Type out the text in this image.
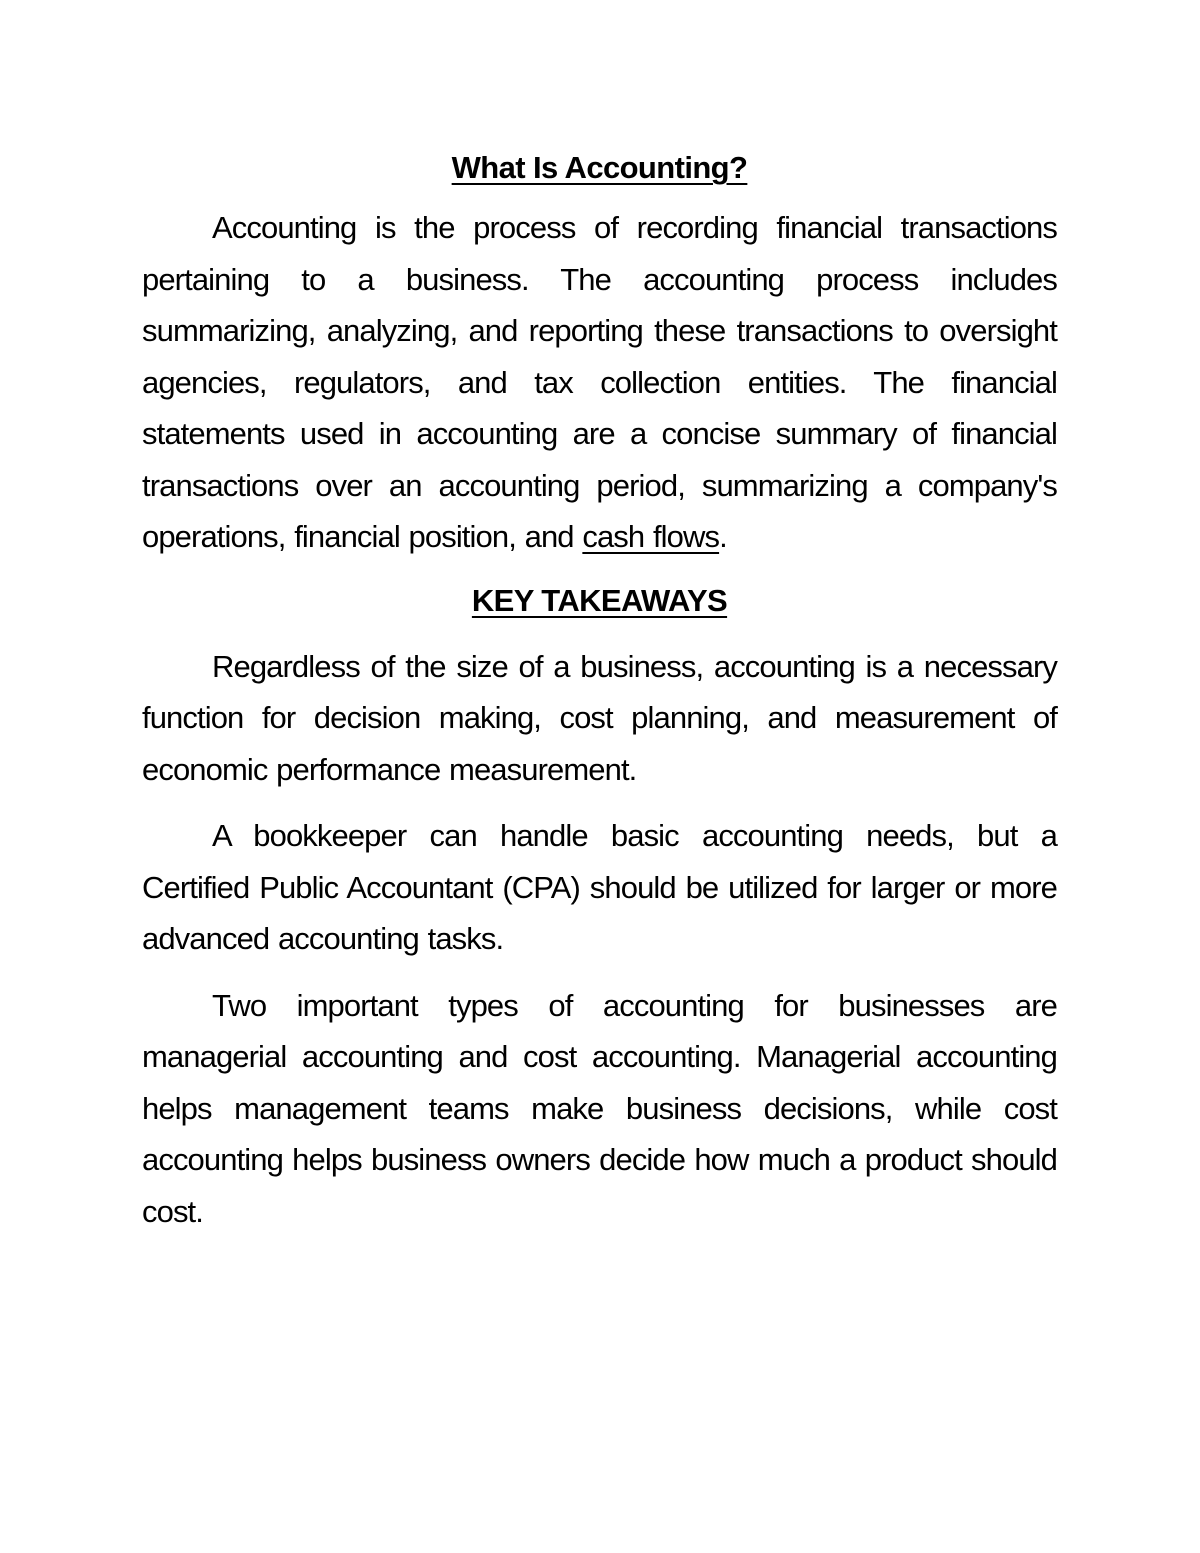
What Is Accounting?

Accounting is the process of recording financial transactions pertaining to a business. The accounting process includes summarizing, analyzing, and reporting these transactions to oversight agencies, regulators, and tax collection entities. The financial statements used in accounting are a concise summary of financial transactions over an accounting period, summarizing a company's operations, financial position, and cash flows.

KEY TAKEAWAYS

Regardless of the size of a business, accounting is a necessary function for decision making, cost planning, and measurement of economic performance measurement.

A bookkeeper can handle basic accounting needs, but a Certified Public Accountant (CPA) should be utilized for larger or more advanced accounting tasks.

Two important types of accounting for businesses are managerial accounting and cost accounting. Managerial accounting helps management teams make business decisions, while cost accounting helps business owners decide how much a product should cost.
